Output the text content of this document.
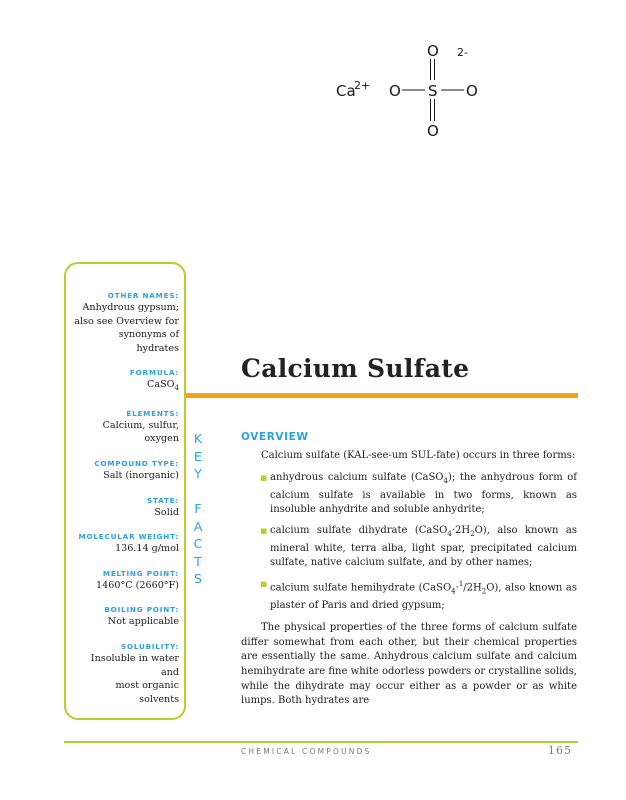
Ca
2+
O 2-
O S O
O
OTHER NAMES:
Anhydrous gypsum;
also see Overview for
synonyms of
hydrates
FORMULA:
CaSO$_4$
ELEMENTS:
Calcium, sulfur,
oxygen
COMPOUND TYPE:
Salt (inorganic)
STATE:
Solid
MOLECULAR WEIGHT:
136.14 g/mol
MELTING POINT:
1460°C (2660°F)
BOILING POINT:
Not applicable
SOLUBILITY:
Insoluble in water and
most organic
solvents
K
E
Y

F
A
C
T
S
Calcium Sulfate
OVERVIEW

Calcium sulfate (KAL-see-um SUL-fate) occurs in three forms:

▪ anhydrous calcium sulfate (CaSO$_4$); the anhydrous form of calcium sulfate is available in two forms, known as insoluble anhydrite and soluble anhydrite;
▪ calcium sulfate dihydrate $(CaSO_4\cdot 2H_2O)$, also known as mineral white, terra alba, light spar, precipitated calcium sulfate, native calcium sulfate, and by other names;
▪ calcium sulfate hemihydrate $(CaSO_4\cdot^1/2H_2O)$, also known as plaster of Paris and dried gypsum;

The physical properties of the three forms of calcium sulfate differ somewhat from each other, but their chemical properties are essentially the same. Anhydrous calcium sulfate and calcium hemihydrate are fine white odorless powders or crystalline solids, while the dihydrate may occur either as a powder or as white lumps. Both hydrates are

CHEMICAL COMPOUNDS	165
